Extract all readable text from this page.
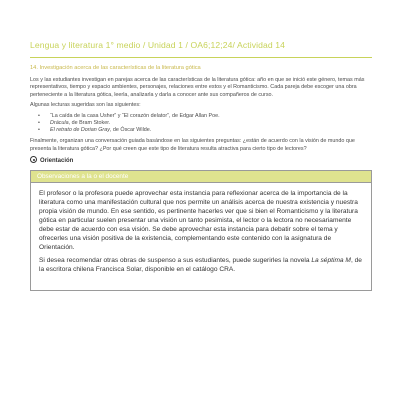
Lengua y literatura 1° medio / Unidad 1 / OA6;12;24/ Actividad 14
14. Investigación acerca de las características de la literatura gótica

Los y las estudiantes investigan en parejas acerca de las características de la literatura gótica: año en que se inició este género, temas más representativos, tiempo y espacio ambientes, personajes, relaciones entre estos y el Romanticismo. Cada pareja debe escoger una obra perteneciente a la literatura gótica, leerla, analizarla y darla a conocer ante sus compañeros de curso.

Algunas lecturas sugeridas son las siguientes:

• “La caída de la casa Usher” y “El corazón delator”, de Edgar Allan Poe.
• Drácula, de Bram Stoker.
• El retrato de Dorian Gray, de Óscar Wilde.

Finalmente, organizan una conversación guiada basándose en las siguientes preguntas: ¿están de acuerdo con la visión de mundo que presenta la literatura gótica? ¿Por qué creen que este tipo de literatura resulta atractiva para cierto tipo de lectores?

Orientación
Observaciones a la o el docente

El profesor o la profesora puede aprovechar esta instancia para reflexionar acerca de la importancia de la literatura como una manifestación cultural que nos permite un análisis acerca de nuestra existencia y nuestra propia visión de mundo. En ese sentido, es pertinente hacerles ver que si bien el Romanticismo y la literatura gótica en particular suelen presentar una visión un tanto pesimista, el lector o la lectora no necesariamente debe estar de acuerdo con esa visión. Se debe aprovechar esta instancia para debatir sobre el tema y ofrecerles una visión positiva de la existencia, complementando este contenido con la asignatura de Orientación.

Si desea recomendar otras obras de suspenso a sus estudiantes, puede sugerirles la novela La séptima M, de la escritora chilena Francisca Solar, disponible en el catálogo CRA.
